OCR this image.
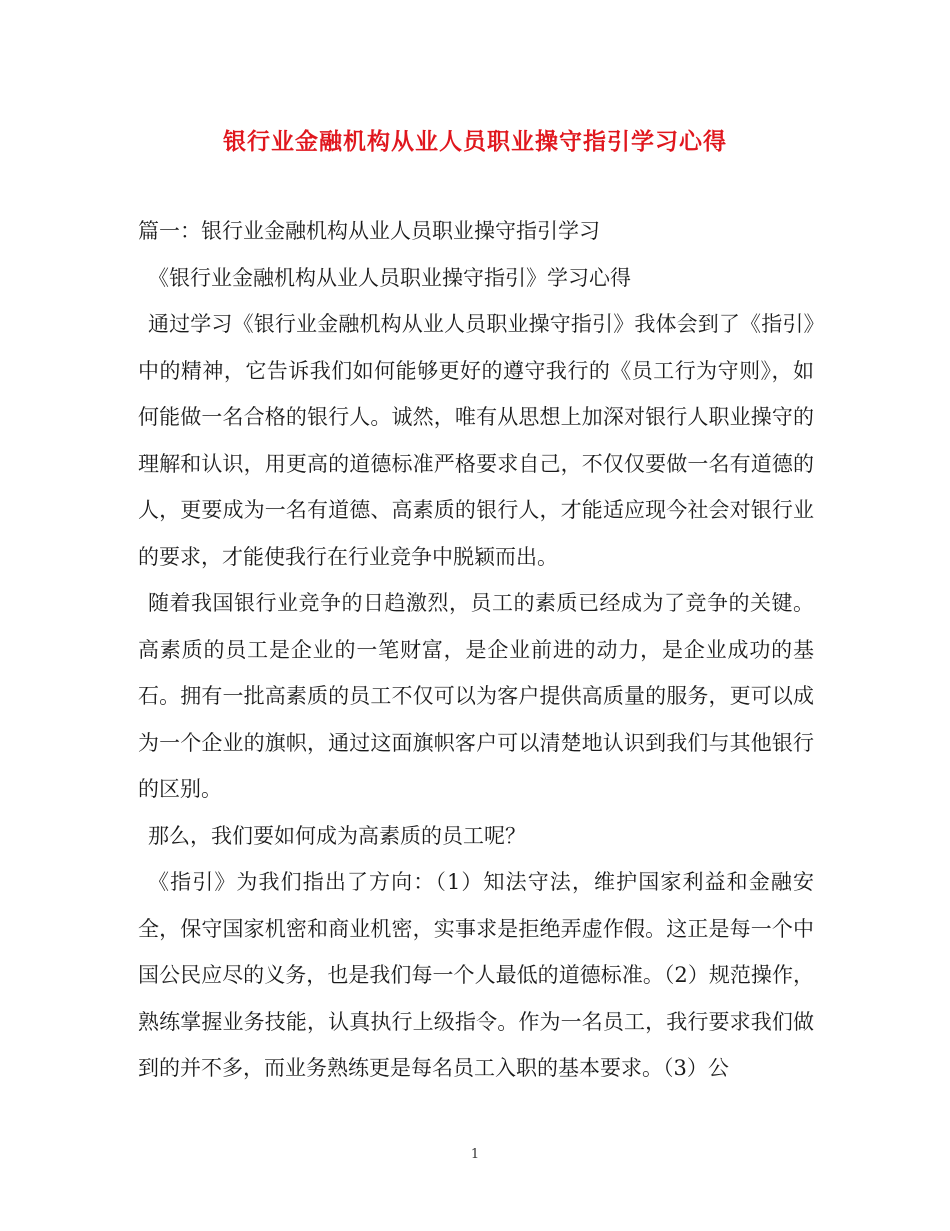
银行业金融机构从业人员职业操守指引学习心得

篇一：银行业金融机构从业人员职业操守指引学习

《银行业金融机构从业人员职业操守指引》学习心得

通过学习《银行业金融机构从业人员职业操守指引》我体会到了《指引》中的精神，它告诉我们如何能够更好的遵守我行的《员工行为守则》，如何能做一名合格的银行人。诚然，唯有从思想上加深对银行人职业操守的理解和认识，用更高的道德标准严格要求自己，不仅仅要做一名有道德的人，更要成为一名有道德、高素质的银行人，才能适应现今社会对银行业的要求，才能使我行在行业竞争中脱颖而出。

随着我国银行业竞争的日趋激烈，员工的素质已经成为了竞争的关键。高素质的员工是企业的一笔财富，是企业前进的动力，是企业成功的基石。拥有一批高素质的员工不仅可以为客户提供高质量的服务，更可以成为一个企业的旗帜，通过这面旗帜客户可以清楚地认识到我们与其他银行的区别。

那么，我们要如何成为高素质的员工呢？

《指引》为我们指出了方向：（1）知法守法，维护国家利益和金融安全，保守国家机密和商业机密，实事求是拒绝弄虚作假。这正是每一个中国公民应尽的义务，也是我们每一个人最低的道德标准。（2）规范操作，熟练掌握业务技能，认真执行上级指令。作为一名员工，我行要求我们做到的并不多，而业务熟练更是每名员工入职的基本要求。（3）公

1
